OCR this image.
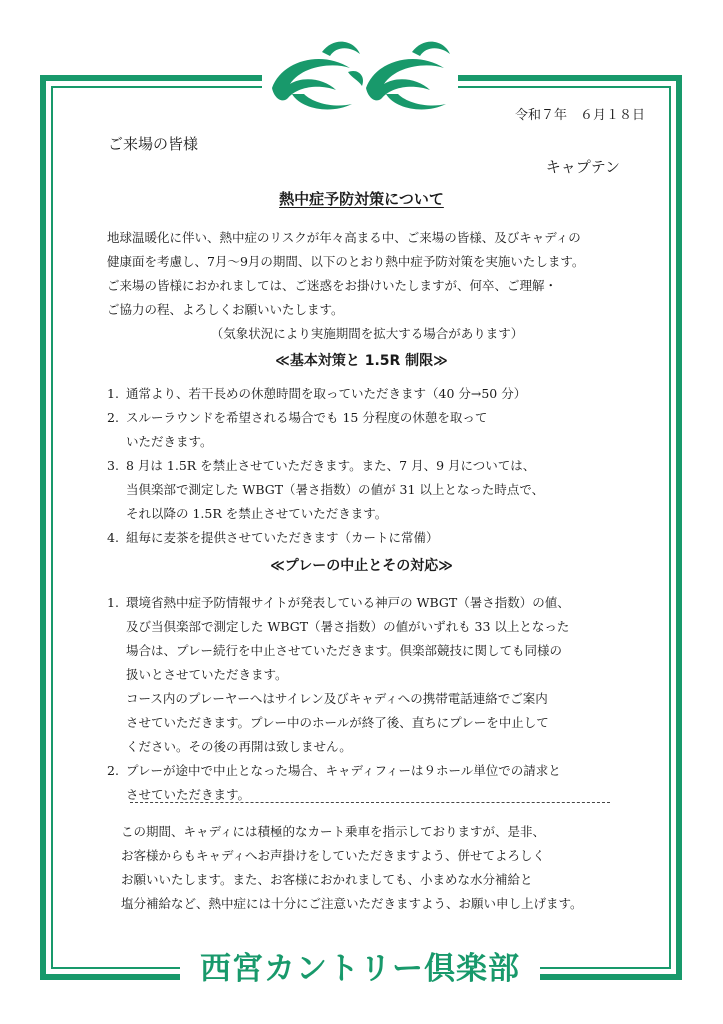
令和７年　６月１８日
ご来場の皆様
キャプテン
熱中症予防対策について
地球温暖化に伴い、熱中症のリスクが年々高まる中、ご来場の皆様、及びキャディの
健康面を考慮し、7月～9月の期間、以下のとおり熱中症予防対策を実施いたします。
ご来場の皆様におかれましては、ご迷惑をお掛けいたしますが、何卒、ご理解・
ご協力の程、よろしくお願いいたします。
（気象状況により実施期間を拡大する場合があります）
≪基本対策と 1.5R 制限≫
1. 通常より、若干長めの休憩時間を取っていただきます（40 分→50 分）
2. スルーラウンドを希望される場合でも 15 分程度の休憩を取って
いただきます。
3. 8 月は 1.5R を禁止させていただきます。また、7 月、9 月については、
当倶楽部で測定した WBGT（暑さ指数）の値が 31 以上となった時点で、
それ以降の 1.5R を禁止させていただきます。
4. 組毎に麦茶を提供させていただきます（カートに常備）
≪プレーの中止とその対応≫
1. 環境省熱中症予防情報サイトが発表している神戸の WBGT（暑さ指数）の値、
及び当倶楽部で測定した WBGT（暑さ指数）の値がいずれも 33 以上となった
場合は、プレー続行を中止させていただきます。倶楽部競技に関しても同様の
扱いとさせていただきます。
コース内のプレーヤーへはサイレン及びキャディへの携帯電話連絡でご案内
させていただきます。プレー中のホールが終了後、直ちにプレーを中止して
ください。その後の再開は致しません。
2. プレーが途中で中止となった場合、キャディフィーは９ホール単位での請求と
させていただきます。
この期間、キャディには積極的なカート乗車を指示しておりますが、是非、
お客様からもキャディへお声掛けをしていただきますよう、併せてよろしく
お願いいたします。また、お客様におかれましても、小まめな水分補給と
塩分補給など、熱中症には十分にご注意いただきますよう、お願い申し上げます。
西宮カントリー倶楽部
